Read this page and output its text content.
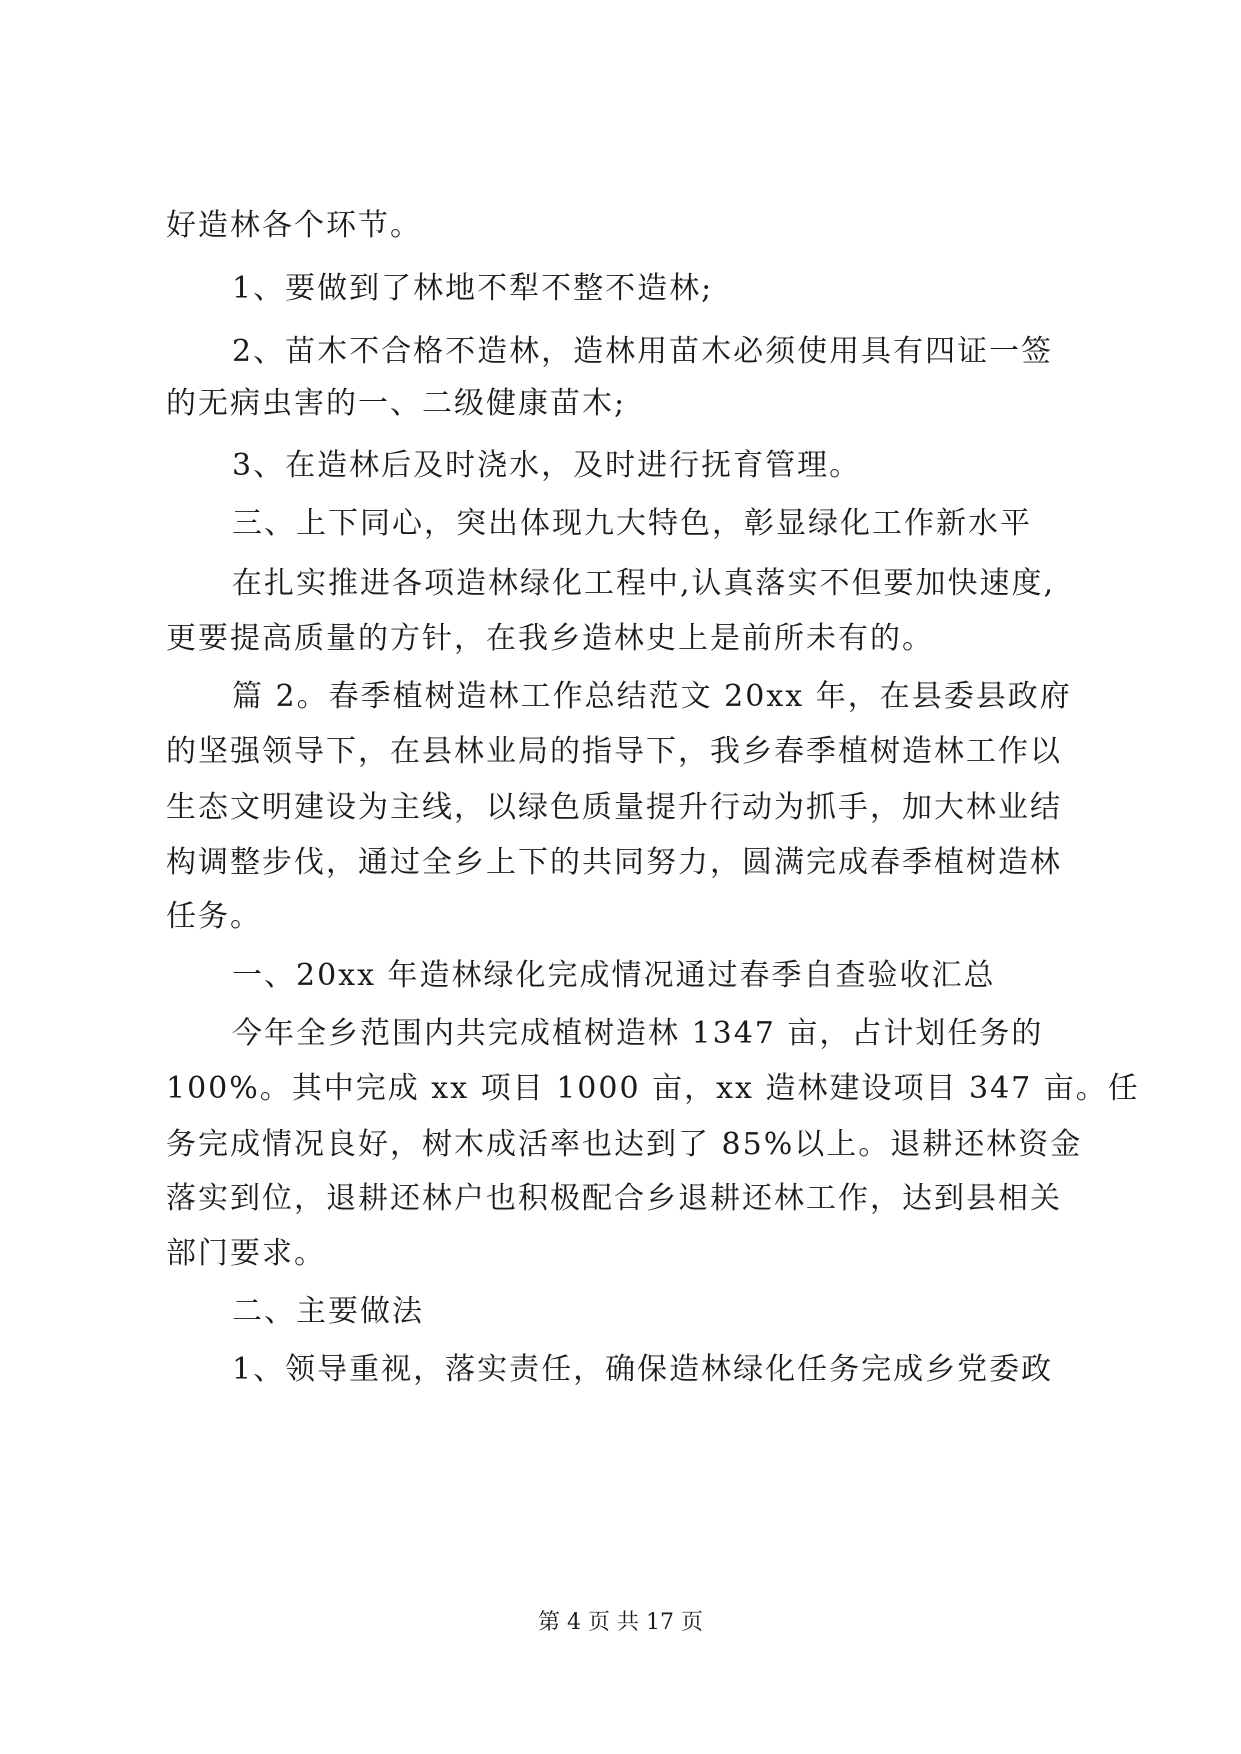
好造林各个环节。
1、要做到了林地不犁不整不造林;
2、苗木不合格不造林，造林用苗木必须使用具有四证一签
的无病虫害的一、二级健康苗木;
3、在造林后及时浇水，及时进行抚育管理。
三、上下同心，突出体现九大特色，彰显绿化工作新水平
在扎实推进各项造林绿化工程中,认真落实不但要加快速度,
更要提高质量的方针，在我乡造林史上是前所未有的。
篇 2。春季植树造林工作总结范文 20xx 年，在县委县政府
的坚强领导下，在县林业局的指导下，我乡春季植树造林工作以
生态文明建设为主线，以绿色质量提升行动为抓手，加大林业结
构调整步伐，通过全乡上下的共同努力，圆满完成春季植树造林
任务。
一、20xx 年造林绿化完成情况通过春季自查验收汇总
今年全乡范围内共完成植树造林 1347 亩，占计划任务的
100%。其中完成 xx 项目 1000 亩，xx 造林建设项目 347 亩。任
务完成情况良好，树木成活率也达到了 85%以上。退耕还林资金
落实到位，退耕还林户也积极配合乡退耕还林工作，达到县相关
部门要求。
二、主要做法
1、领导重视，落实责任，确保造林绿化任务完成乡党委政
第 4 页 共 17 页
